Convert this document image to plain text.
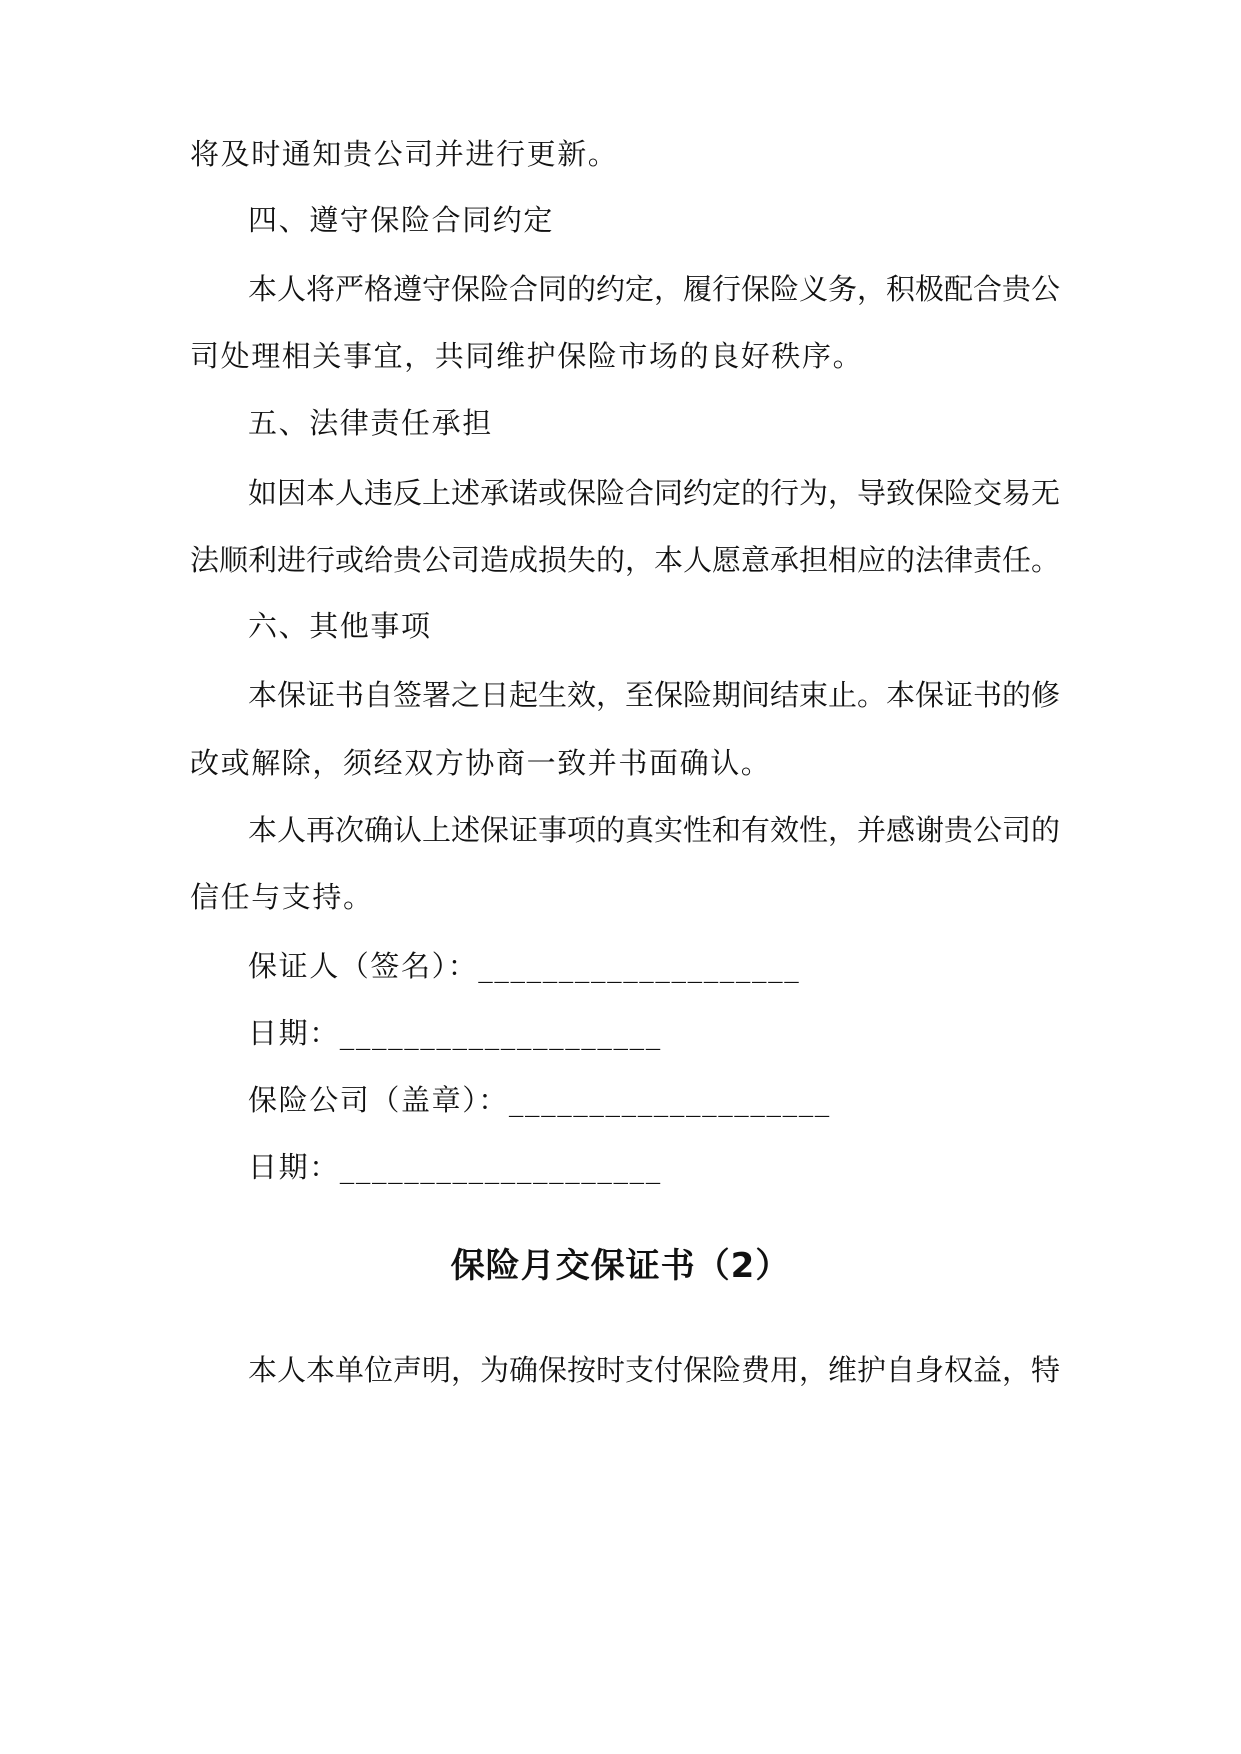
将及时通知贵公司并进行更新。
四、遵守保险合同约定
本人将严格遵守保险合同的约定，履行保险义务，积极配合贵公
司处理相关事宜，共同维护保险市场的良好秩序。
五、法律责任承担
如因本人违反上述承诺或保险合同约定的行为，导致保险交易无
法顺利进行或给贵公司造成损失的，本人愿意承担相应的法律责任。
六、其他事项
本保证书自签署之日起生效，至保险期间结束止。本保证书的修
改或解除，须经双方协商一致并书面确认。
本人再次确认上述保证事项的真实性和有效性，并感谢贵公司的
信任与支持。
保证人（签名）：____________________
日期：____________________
保险公司（盖章）：____________________
日期：____________________
保险月交保证书（2）
本人本单位声明，为确保按时支付保险费用，维护自身权益，特
